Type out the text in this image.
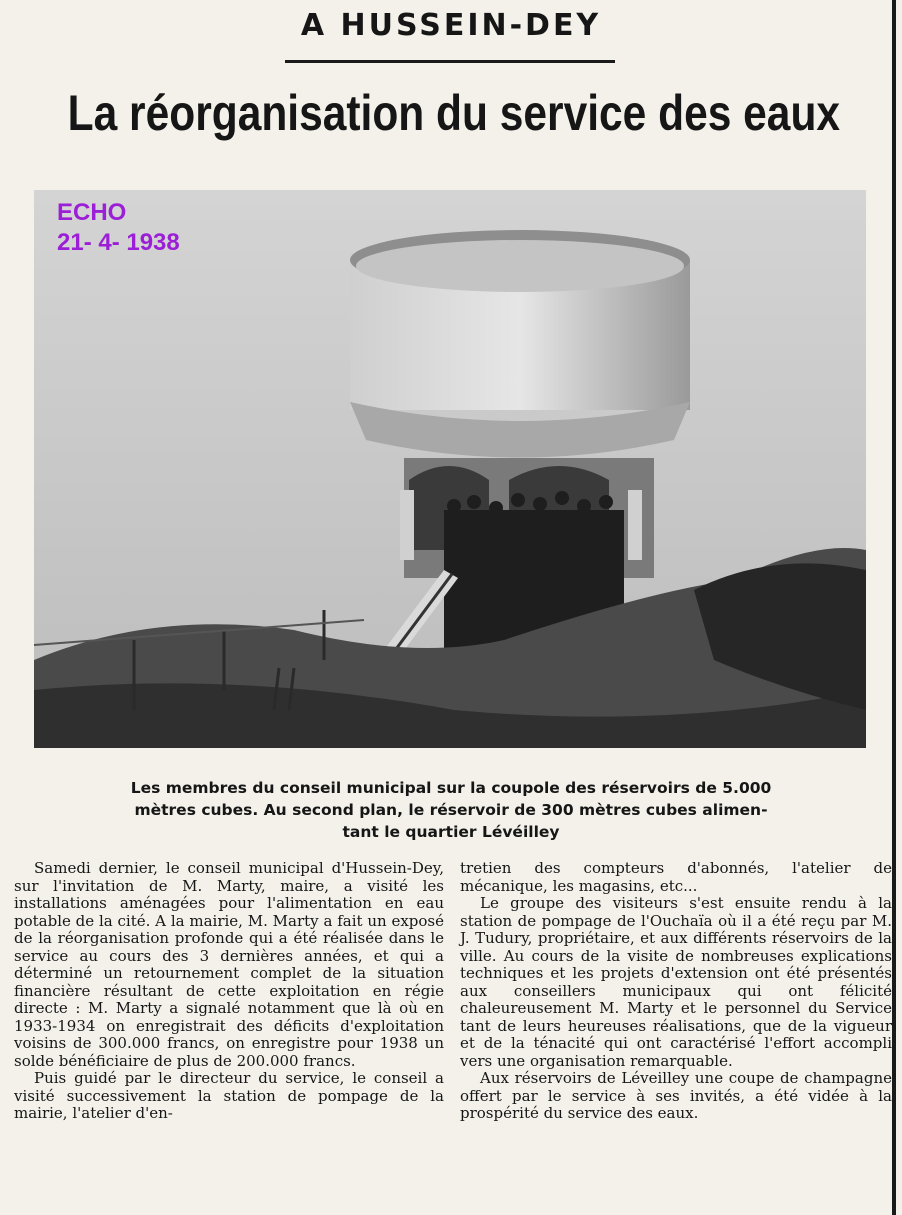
A HUSSEIN-DEY
La réorganisation du service des eaux
ECHO
21- 4- 1938
Les membres du conseil municipal sur la coupole des réservoirs de 5.000
mètres cubes. Au second plan, le réservoir de 300 mètres cubes alimen-
tant le quartier Lévéilley

Samedi dernier, le conseil municipal d'Hussein-Dey, sur l'invitation de M. Marty, maire, a visité les installations aménagées pour l'alimentation en eau potable de la cité. A la mairie, M. Marty a fait un exposé de la réorganisation profonde qui a été réalisée dans le service au cours des 3 dernières années, et qui a déterminé un retournement complet de la situation financière résultant de cette exploitation en régie directe : M. Marty a signalé notamment que là où en 1933-1934 on enregistrait des déficits d'exploitation voisins de 300.000 francs, on enregistre pour 1938 un solde bénéficiaire de plus de 200.000 francs.

Puis guidé par le directeur du service, le conseil a visité successivement la station de pompage de la mairie, l'atelier d'en-

tretien des compteurs d'abonnés, l'atelier de mécanique, les magasins, etc...

Le groupe des visiteurs s'est ensuite rendu à la station de pompage de l'Ouchaïa où il a été reçu par M. J. Tudury, propriétaire, et aux différents réservoirs de la ville. Au cours de la visite de nombreuses explications techniques et les projets d'extension ont été présentés aux conseillers municipaux qui ont félicité chaleureusement M. Marty et le personnel du Service tant de leurs heureuses réalisations, que de la vigueur et de la ténacité qui ont caractérisé l'effort accompli vers une organisation remarquable.

Aux réservoirs de Léveilley une coupe de champagne offert par le service à ses invités, a été vidée à la prospérité du service des eaux.
